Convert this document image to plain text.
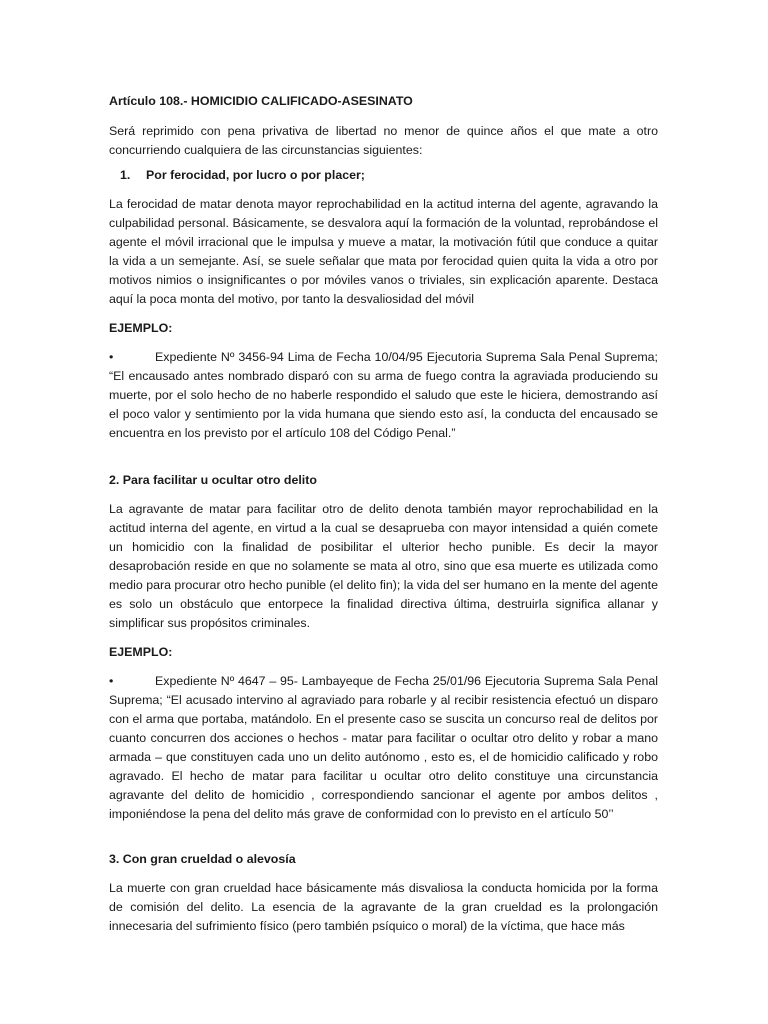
Artículo 108.- HOMICIDIO CALIFICADO-ASESINATO
Será reprimido con pena privativa de libertad no menor de quince años el que mate a otro concurriendo cualquiera de las circunstancias siguientes:
1. Por ferocidad, por lucro o por placer;
La ferocidad de matar denota mayor reprochabilidad en la actitud interna del agente, agravando la culpabilidad personal. Básicamente, se desvalora aquí la formación de la voluntad, reprobándose el agente el móvil irracional que le impulsa y mueve a matar, la motivación fútil que conduce a quitar la vida a un semejante. Así, se suele señalar que mata por ferocidad quien quita la vida a otro por motivos nimios o insignificantes o por móviles vanos o triviales, sin explicación aparente. Destaca aquí la poca monta del motivo, por tanto la desvaliosidad del móvil
EJEMPLO:
•	Expediente Nº 3456-94 Lima de Fecha 10/04/95 Ejecutoria Suprema Sala Penal Suprema; “El encausado antes nombrado disparó con su arma de fuego contra la agraviada produciendo su muerte, por el solo hecho de no haberle respondido el saludo que este le hiciera, demostrando así el poco valor y sentimiento por la vida humana que siendo esto así, la conducta del encausado se encuentra en los previsto por el artículo 108 del Código Penal.”
2. Para facilitar u ocultar otro delito
La agravante de matar para facilitar otro de delito denota también mayor reprochabilidad en la actitud interna del agente, en virtud a la cual se desaprueba con mayor intensidad a quién comete un homicidio con la finalidad de posibilitar el ulterior hecho punible. Es decir la mayor desaprobación reside en que no solamente se mata al otro, sino que esa muerte es utilizada como medio para procurar otro hecho punible (el delito fin); la vida del ser humano en la mente del agente es solo un obstáculo que entorpece la finalidad directiva última, destruirla significa allanar y simplificar sus propósitos criminales.
EJEMPLO:
•	Expediente Nº 4647 – 95- Lambayeque de Fecha 25/01/96 Ejecutoria Suprema Sala Penal Suprema; “El acusado intervino al agraviado para robarle y al recibir resistencia efectuó un disparo con el arma que portaba, matándolo. En el presente caso se suscita un concurso real de delitos por cuanto concurren dos acciones o hechos - matar para facilitar o ocultar otro delito y robar a mano armada – que constituyen cada uno un delito autónomo , esto es, el de homicidio calificado y robo agravado. El hecho de matar para facilitar u ocultar otro delito constituye una circunstancia agravante del delito de homicidio , correspondiendo sancionar el agente por ambos delitos , imponiéndose la pena del delito más grave de conformidad con lo previsto en el artículo 50’’
3. Con gran crueldad o alevosía
La muerte con gran crueldad hace básicamente más disvaliosa la conducta homicida por la forma de comisión del delito. La esencia de la agravante de la gran crueldad es la prolongación innecesaria del sufrimiento físico (pero también psíquico o moral) de la víctima, que hace más
